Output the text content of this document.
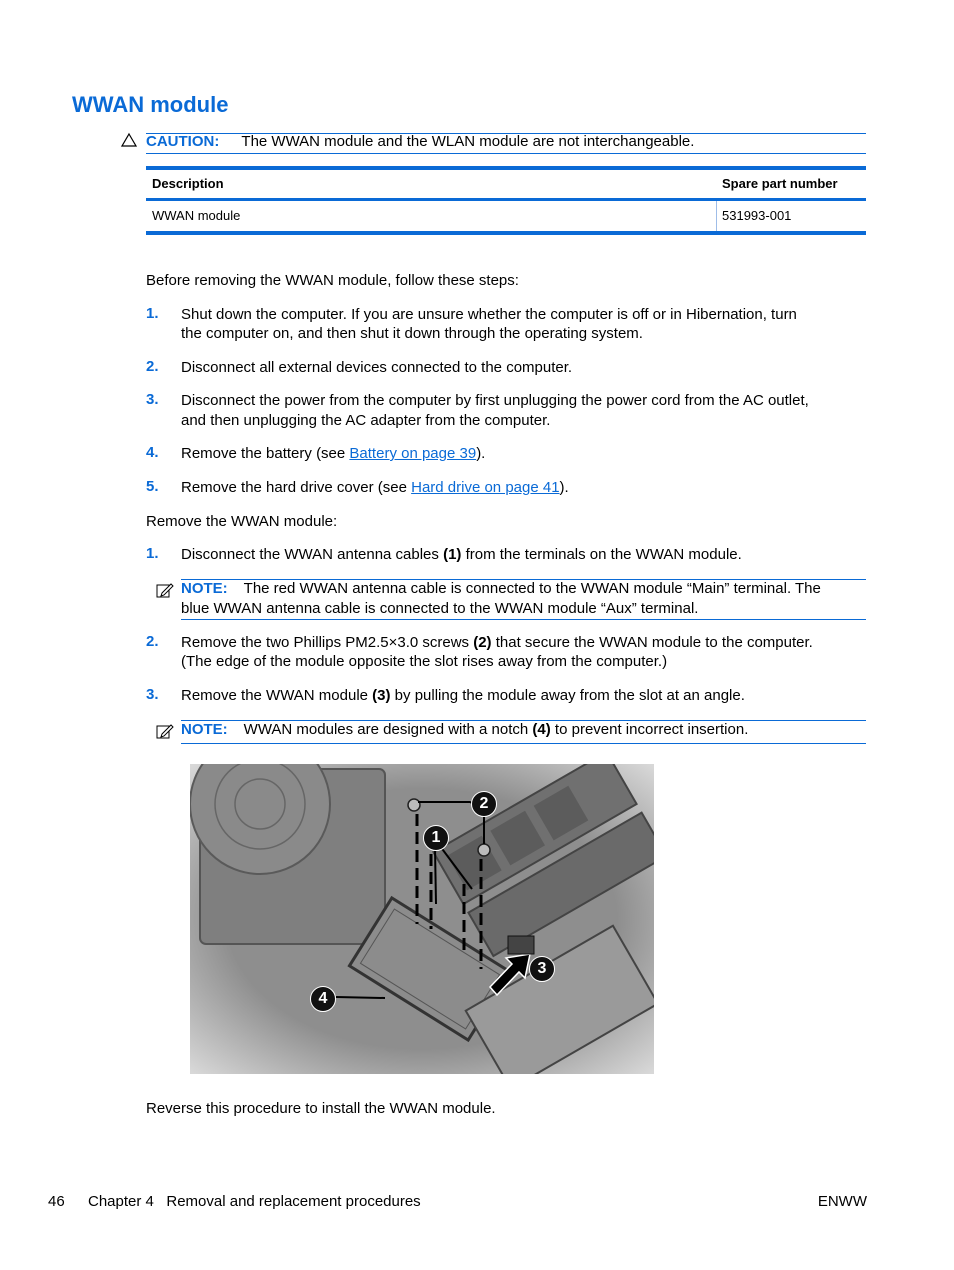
WWAN module
CAUTION: The WWAN module and the WLAN module are not interchangeable.
Description	Spare part number
WWAN module	531993-001
Before removing the WWAN module, follow these steps:
1. Shut down the computer. If you are unsure whether the computer is off or in Hibernation, turn
the computer on, and then shut it down through the operating system.
2. Disconnect all external devices connected to the computer.
3. Disconnect the power from the computer by first unplugging the power cord from the AC outlet,
and then unplugging the AC adapter from the computer.
4. Remove the battery (see Battery on page 39).
5. Remove the hard drive cover (see Hard drive on page 41).
Remove the WWAN module:
1. Disconnect the WWAN antenna cables (1) from the terminals on the WWAN module.
NOTE: The red WWAN antenna cable is connected to the WWAN module “Main” terminal. The
blue WWAN antenna cable is connected to the WWAN module “Aux” terminal.
2. Remove the two Phillips PM2.5×3.0 screws (2) that secure the WWAN module to the computer.
(The edge of the module opposite the slot rises away from the computer.)
3. Remove the WWAN module (3) by pulling the module away from the slot at an angle.
NOTE: WWAN modules are designed with a notch (4) to prevent incorrect insertion.
2
1
3
4
Reverse this procedure to install the WWAN module.
46 Chapter 4   Removal and replacement procedures	ENWW
